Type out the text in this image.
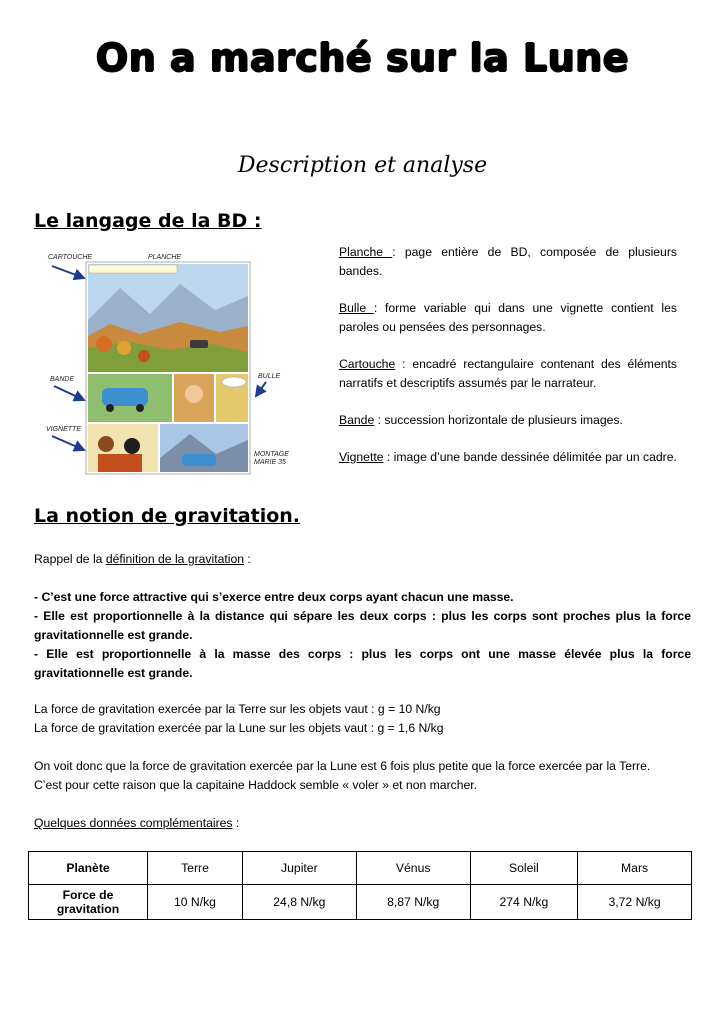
On a marché sur la Lune
Description et analyse
Le langage de la BD :
CARTOUCHE	PLANCHE
BANDE	BULLE
VIGNETTE
MONTAGE
MARIE 35

Planche : page entière de BD, composée de plusieurs bandes.

Bulle : forme variable qui dans une vignette contient les paroles ou pensées des personnages.

Cartouche : encadré rectangulaire contenant des éléments narratifs et descriptifs assumés par le narrateur.

Bande : succession horizontale de plusieurs images.

Vignette : image d’une bande dessinée délimitée par un cadre.

La notion de gravitation.
Rappel de la définition de la gravitation :
- C’est une force attractive qui s’exerce entre deux corps ayant chacun une masse.
- Elle est proportionnelle à la distance qui sépare les deux corps : plus les corps sont proches plus la force gravitationnelle est grande.
- Elle est proportionnelle à la masse des corps : plus les corps ont une masse élevée plus la force gravitationnelle est grande.
La force de gravitation exercée par la Terre sur les objets vaut : g = 10 N/kg
La force de gravitation exercée par la Lune sur les objets vaut : g = 1,6 N/kg
On voit donc que la force de gravitation exercée par la Lune est 6 fois plus petite que la force exercée par la Terre.
C’est pour cette raison que la capitaine Haddock semble « voler » et non marcher.
Quelques données complémentaires :
Planète	Terre	Jupiter	Vénus	Soleil	Mars
Force de gravitation	10 N/kg	24,8 N/kg	8,87 N/kg	274 N/kg	3,72 N/kg
